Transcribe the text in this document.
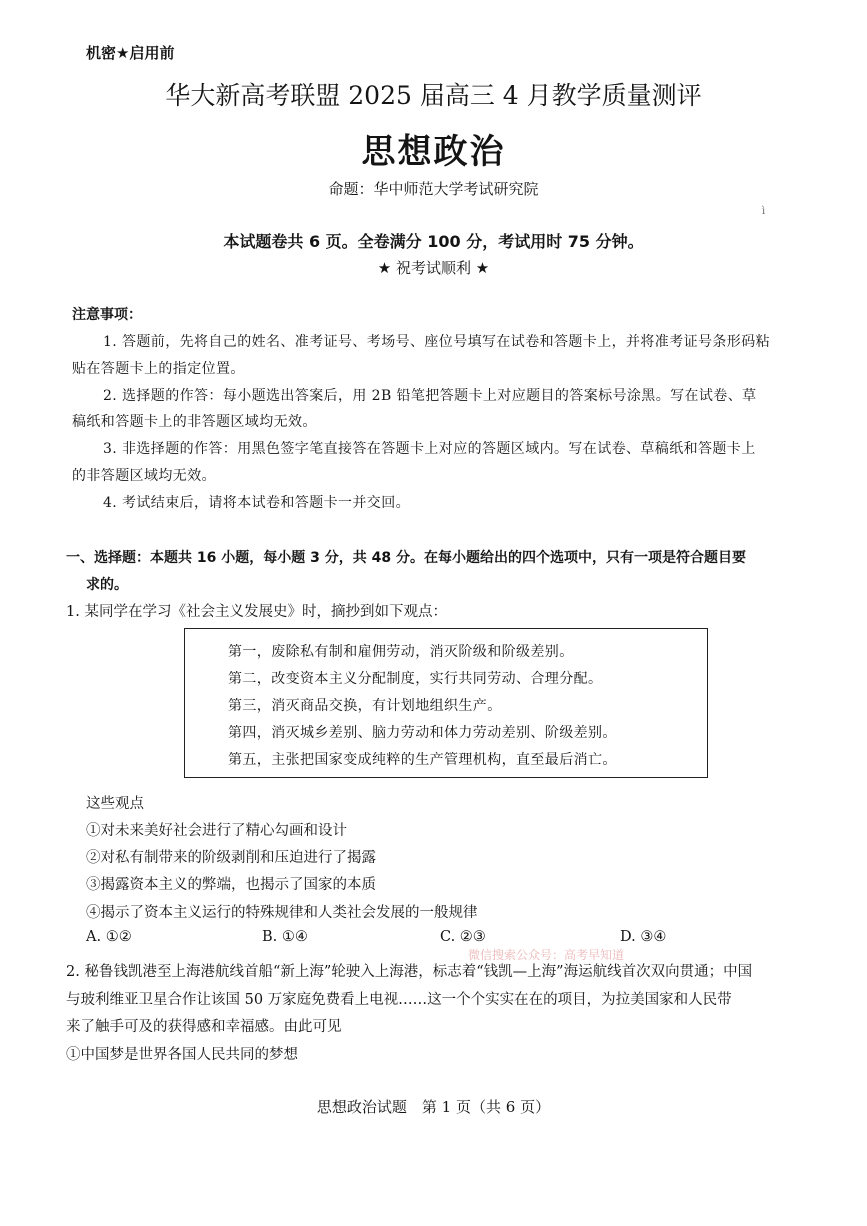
机密★启用前
华大新高考联盟 2025 届高三 4 月教学质量测评
思想政治
命题：华中师范大学考试研究院
ì
本试题卷共 6 页。全卷满分 100 分，考试用时 75 分钟。
★ 祝考试顺利 ★
注意事项：
1. 答题前，先将自己的姓名、准考证号、考场号、座位号填写在试卷和答题卡上，并将准考证号条形码粘
贴在答题卡上的指定位置。
2. 选择题的作答：每小题选出答案后，用 2B 铅笔把答题卡上对应题目的答案标号涂黑。写在试卷、草
稿纸和答题卡上的非答题区域均无效。
3. 非选择题的作答：用黑色签字笔直接答在答题卡上对应的答题区域内。写在试卷、草稿纸和答题卡上
的非答题区域均无效。
4. 考试结束后，请将本试卷和答题卡一并交回。
一、选择题：本题共 16 小题，每小题 3 分，共 48 分。在每小题给出的四个选项中，只有一项是符合题目要
求的。
1. 某同学在学习《社会主义发展史》时，摘抄到如下观点：
第一，废除私有制和雇佣劳动，消灭阶级和阶级差别。
第二，改变资本主义分配制度，实行共同劳动、合理分配。
第三，消灭商品交换，有计划地组织生产。
第四，消灭城乡差别、脑力劳动和体力劳动差别、阶级差别。
第五，主张把国家变成纯粹的生产管理机构，直至最后消亡。
这些观点
①对未来美好社会进行了精心勾画和设计
②对私有制带来的阶级剥削和压迫进行了揭露
③揭露资本主义的弊端，也揭示了国家的本质
④揭示了资本主义运行的特殊规律和人类社会发展的一般规律
A. ①②	B. ①④	C. ②③	D. ③④
微信搜索公众号：高考早知道
2. 秘鲁钱凯港至上海港航线首船“新上海”轮驶入上海港，标志着“钱凯—上海”海运航线首次双向贯通；中国
与玻利维亚卫星合作让该国 50 万家庭免费看上电视……这一个个实实在在的项目，为拉美国家和人民带
来了触手可及的获得感和幸福感。由此可见
①中国梦是世界各国人民共同的梦想
思想政治试题　第 1 页（共 6 页）
